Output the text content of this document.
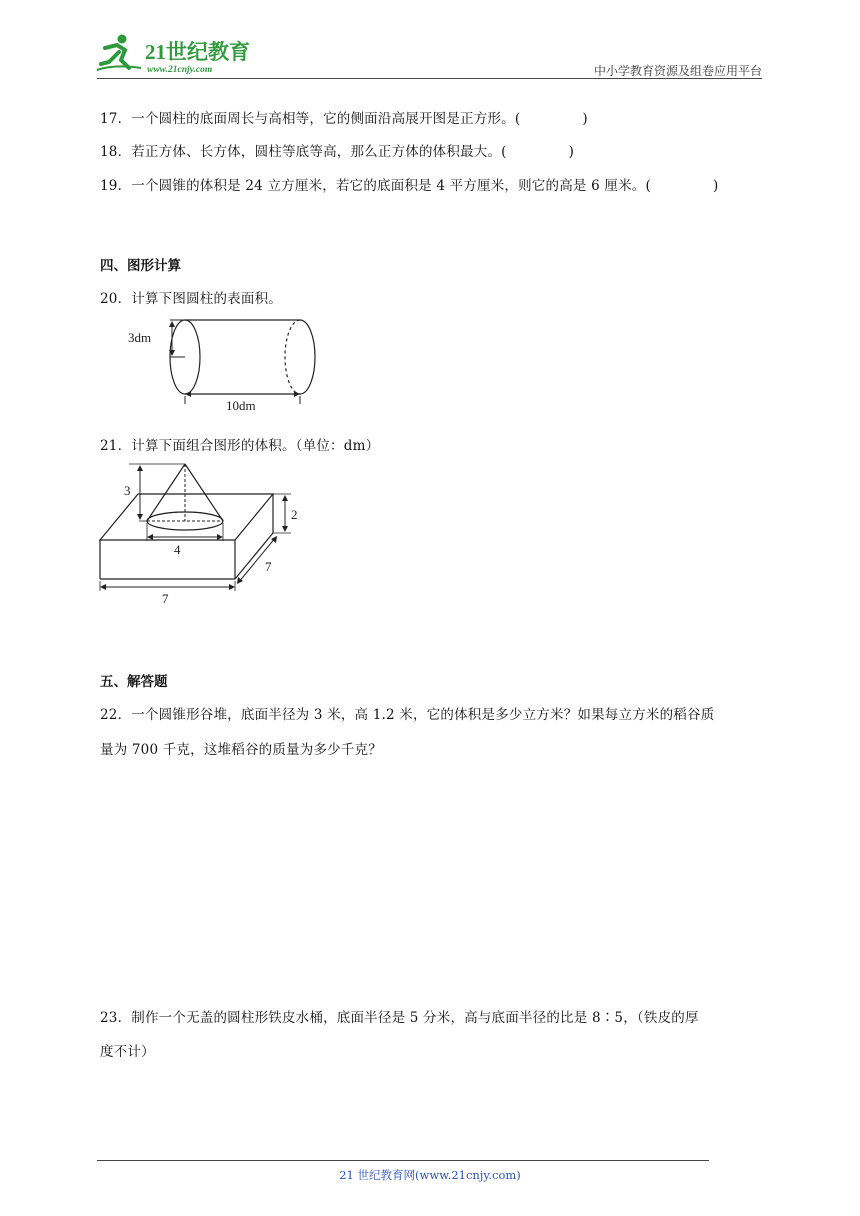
21世纪教育
www.21cnjy.com	中小学教育资源及组卷应用平台
17．一个圆柱的底面周长与高相等，它的侧面沿高展开图是正方形。(	)
18．若正方体、长方体，圆柱等底等高，那么正方体的体积最大。(	)
19．一个圆锥的体积是 24 立方厘米，若它的底面积是 4 平方厘米，则它的高是 6 厘米。(	)
四、图形计算
20．计算下图圆柱的表面积。
3dm
10dm
21．计算下面组合图形的体积。（单位：dm）
3
4
2
7
7
五、解答题
22．一个圆锥形谷堆，底面半径为 3 米，高 1.2 米，它的体积是多少立方米？如果每立方米的稻谷质
量为 700 千克，这堆稻谷的质量为多少千克？
23．制作一个无盖的圆柱形铁皮水桶，底面半径是 5 分米，高与底面半径的比是 8∶5，（铁皮的厚
度不计）
21 世纪教育网(www.21cnjy.com)
